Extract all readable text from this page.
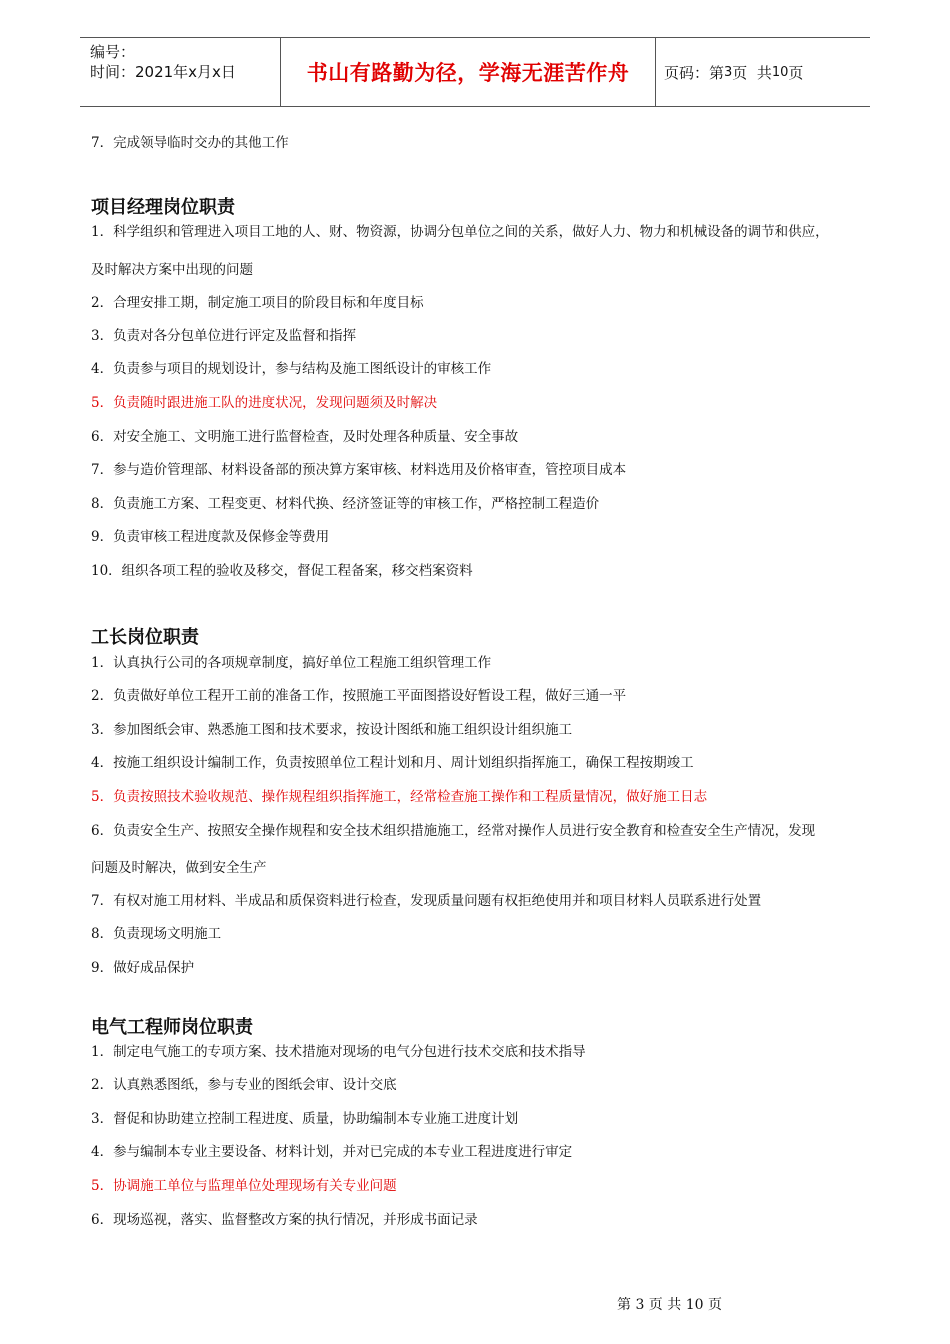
编号：
时间：2021年x月x日	书山有路勤为径，学海无涯苦作舟 页码：第 3 页  共 10 页
7．完成领导临时交办的其他工作
项目经理岗位职责
1．科学组织和管理进入项目工地的人、财、物资源，协调分包单位之间的关系，做好人力、物力和机械设备的调节和供应，
及时解决方案中出现的问题
2．合理安排工期，制定施工项目的阶段目标和年度目标
3．负责对各分包单位进行评定及监督和指挥
4．负责参与项目的规划设计，参与结构及施工图纸设计的审核工作
5．负责随时跟进施工队的进度状况，发现问题须及时解决
6．对安全施工、文明施工进行监督检查，及时处理各种质量、安全事故
7．参与造价管理部、材料设备部的预决算方案审核、材料选用及价格审查，管控项目成本
8．负责施工方案、工程变更、材料代换、经济签证等的审核工作，严格控制工程造价
9．负责审核工程进度款及保修金等费用
10．组织各项工程的验收及移交，督促工程备案，移交档案资料
工长岗位职责
1．认真执行公司的各项规章制度，搞好单位工程施工组织管理工作
2．负责做好单位工程开工前的准备工作，按照施工平面图搭设好暂设工程，做好三通一平
3．参加图纸会审、熟悉施工图和技术要求，按设计图纸和施工组织设计组织施工
4．按施工组织设计编制工作，负责按照单位工程计划和月、周计划组织指挥施工，确保工程按期竣工
5．负责按照技术验收规范、操作规程组织指挥施工，经常检查施工操作和工程质量情况，做好施工日志
6．负责安全生产、按照安全操作规程和安全技术组织措施施工，经常对操作人员进行安全教育和检查安全生产情况，发现
问题及时解决，做到安全生产
7．有权对施工用材料、半成品和质保资料进行检查，发现质量问题有权拒绝使用并和项目材料人员联系进行处置
8．负责现场文明施工
9．做好成品保护
电气工程师岗位职责
1．制定电气施工的专项方案、技术措施对现场的电气分包进行技术交底和技术指导
2．认真熟悉图纸，参与专业的图纸会审、设计交底
3．督促和协助建立控制工程进度、质量，协助编制本专业施工进度计划
4．参与编制本专业主要设备、材料计划，并对已完成的本专业工程进度进行审定
5．协调施工单位与监理单位处理现场有关专业问题
6．现场巡视，落实、监督整改方案的执行情况，并形成书面记录
第 3 页 共 10 页
